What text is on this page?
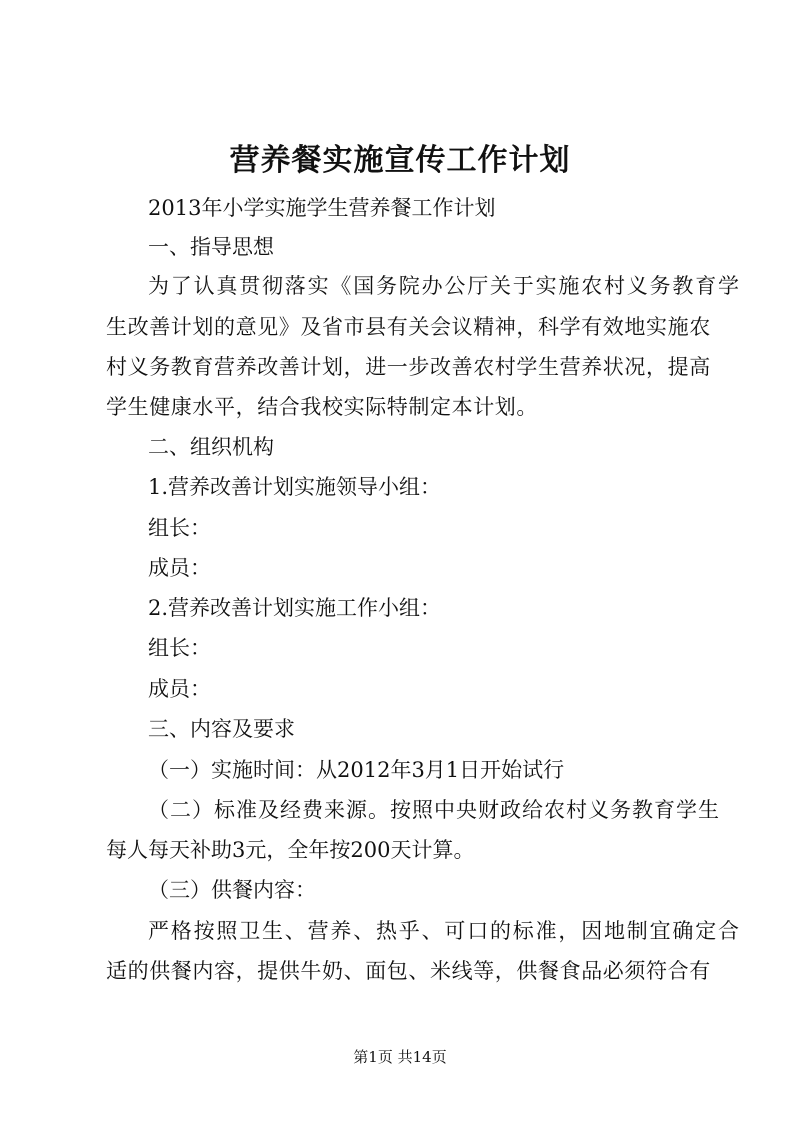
营养餐实施宣传工作计划
2013年小学实施学生营养餐工作计划
一、指导思想
为了认真贯彻落实《国务院办公厅关于实施农村义务教育学
生改善计划的意见》及省市县有关会议精神，科学有效地实施农
村义务教育营养改善计划，进一步改善农村学生营养状况，提高
学生健康水平，结合我校实际特制定本计划。
二、组织机构
1.营养改善计划实施领导小组：
组长：
成员：
2.营养改善计划实施工作小组：
组长：
成员：
三、内容及要求
（一）实施时间：从2012年3月1日开始试行
（二）标准及经费来源。按照中央财政给农村义务教育学生
每人每天补助3元，全年按200天计算。
（三）供餐内容：
严格按照卫生、营养、热乎、可口的标准，因地制宜确定合
适的供餐内容，提供牛奶、面包、米线等，供餐食品必须符合有
第1页 共14页
